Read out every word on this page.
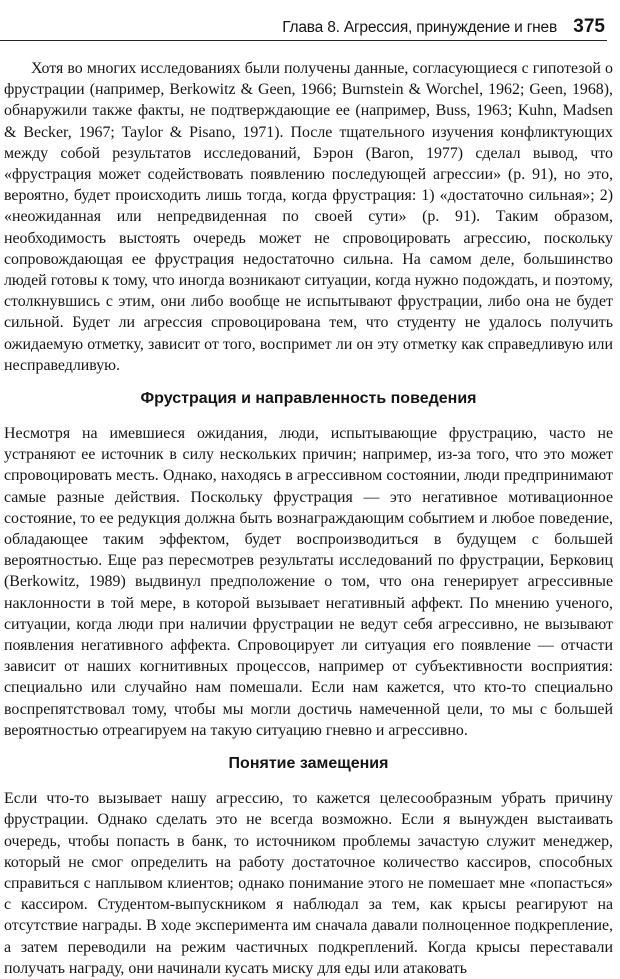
Глава 8. Агрессия, принуждение и гнев 375

Хотя во многих исследованиях были получены данные, согласующиеся с гипотезой о фрустрации (например, Berkowitz & Geen, 1966; Burnstein & Worchel, 1962; Geen, 1968), обнаружили также факты, не подтверждающие ее (например, Buss, 1963; Kuhn, Madsen & Becker, 1967; Taylor & Pisano, 1971). После тщательного изучения конфликтующих между собой результатов исследований, Бэрон (Baron, 1977) сделал вывод, что «фрустрация может содействовать появлению последующей агрессии» (p. 91), но это, вероятно, будет происходить лишь тогда, когда фрустрация: 1) «достаточно сильная»; 2) «неожиданная или непредвиденная по своей сути» (p. 91). Таким образом, необходимость выстоять очередь может не спровоцировать агрессию, поскольку сопровождающая ее фрустрация недостаточно сильна. На самом деле, большинство людей готовы к тому, что иногда возникают ситуации, когда нужно подождать, и поэтому, столкнувшись с этим, они либо вообще не испытывают фрустрации, либо она не будет сильной. Будет ли агрессия спровоцирована тем, что студенту не удалось получить ожидаемую отметку, зависит от того, воспримет ли он эту отметку как справедливую или несправедливую.

Фрустрация и направленность поведения

Несмотря на имевшиеся ожидания, люди, испытывающие фрустрацию, часто не устраняют ее источник в силу нескольких причин; например, из-за того, что это может спровоцировать месть. Однако, находясь в агрессивном состоянии, люди предпринимают самые разные действия. Поскольку фрустрация — это негативное мотивационное состояние, то ее редукция должна быть вознаграждающим событием и любое поведение, обладающее таким эффектом, будет воспроизводиться в будущем с большей вероятностью. Еще раз пересмотрев результаты исследований по фрустрации, Берковиц (Berkowitz, 1989) выдвинул предположение о том, что она генерирует агрессивные наклонности в той мере, в которой вызывает негативный аффект. По мнению ученого, ситуации, когда люди при наличии фрустрации не ведут себя агрессивно, не вызывают появления негативного аффекта. Спровоцирует ли ситуация его появление — отчасти зависит от наших когнитивных процессов, например от субъективности восприятия: специально или случайно нам помешали. Если нам кажется, что кто-то специально воспрепятствовал тому, чтобы мы могли достичь намеченной цели, то мы с большей вероятностью отреагируем на такую ситуацию гневно и агрессивно.

Понятие замещения

Если что-то вызывает нашу агрессию, то кажется целесообразным убрать причину фрустрации. Однако сделать это не всегда возможно. Если я вынужден выстаивать очередь, чтобы попасть в банк, то источником проблемы зачастую служит менеджер, который не смог определить на работу достаточное количество кассиров, способных справиться с наплывом клиентов; однако понимание этого не помешает мне «попасться» с кассиром. Студентом-выпускником я наблюдал за тем, как крысы реагируют на отсутствие награды. В ходе эксперимента им сначала давали полноценное подкрепление, а затем переводили на режим частичных подкреплений. Когда крысы переставали получать награду, они начинали кусать миску для еды или атаковать
